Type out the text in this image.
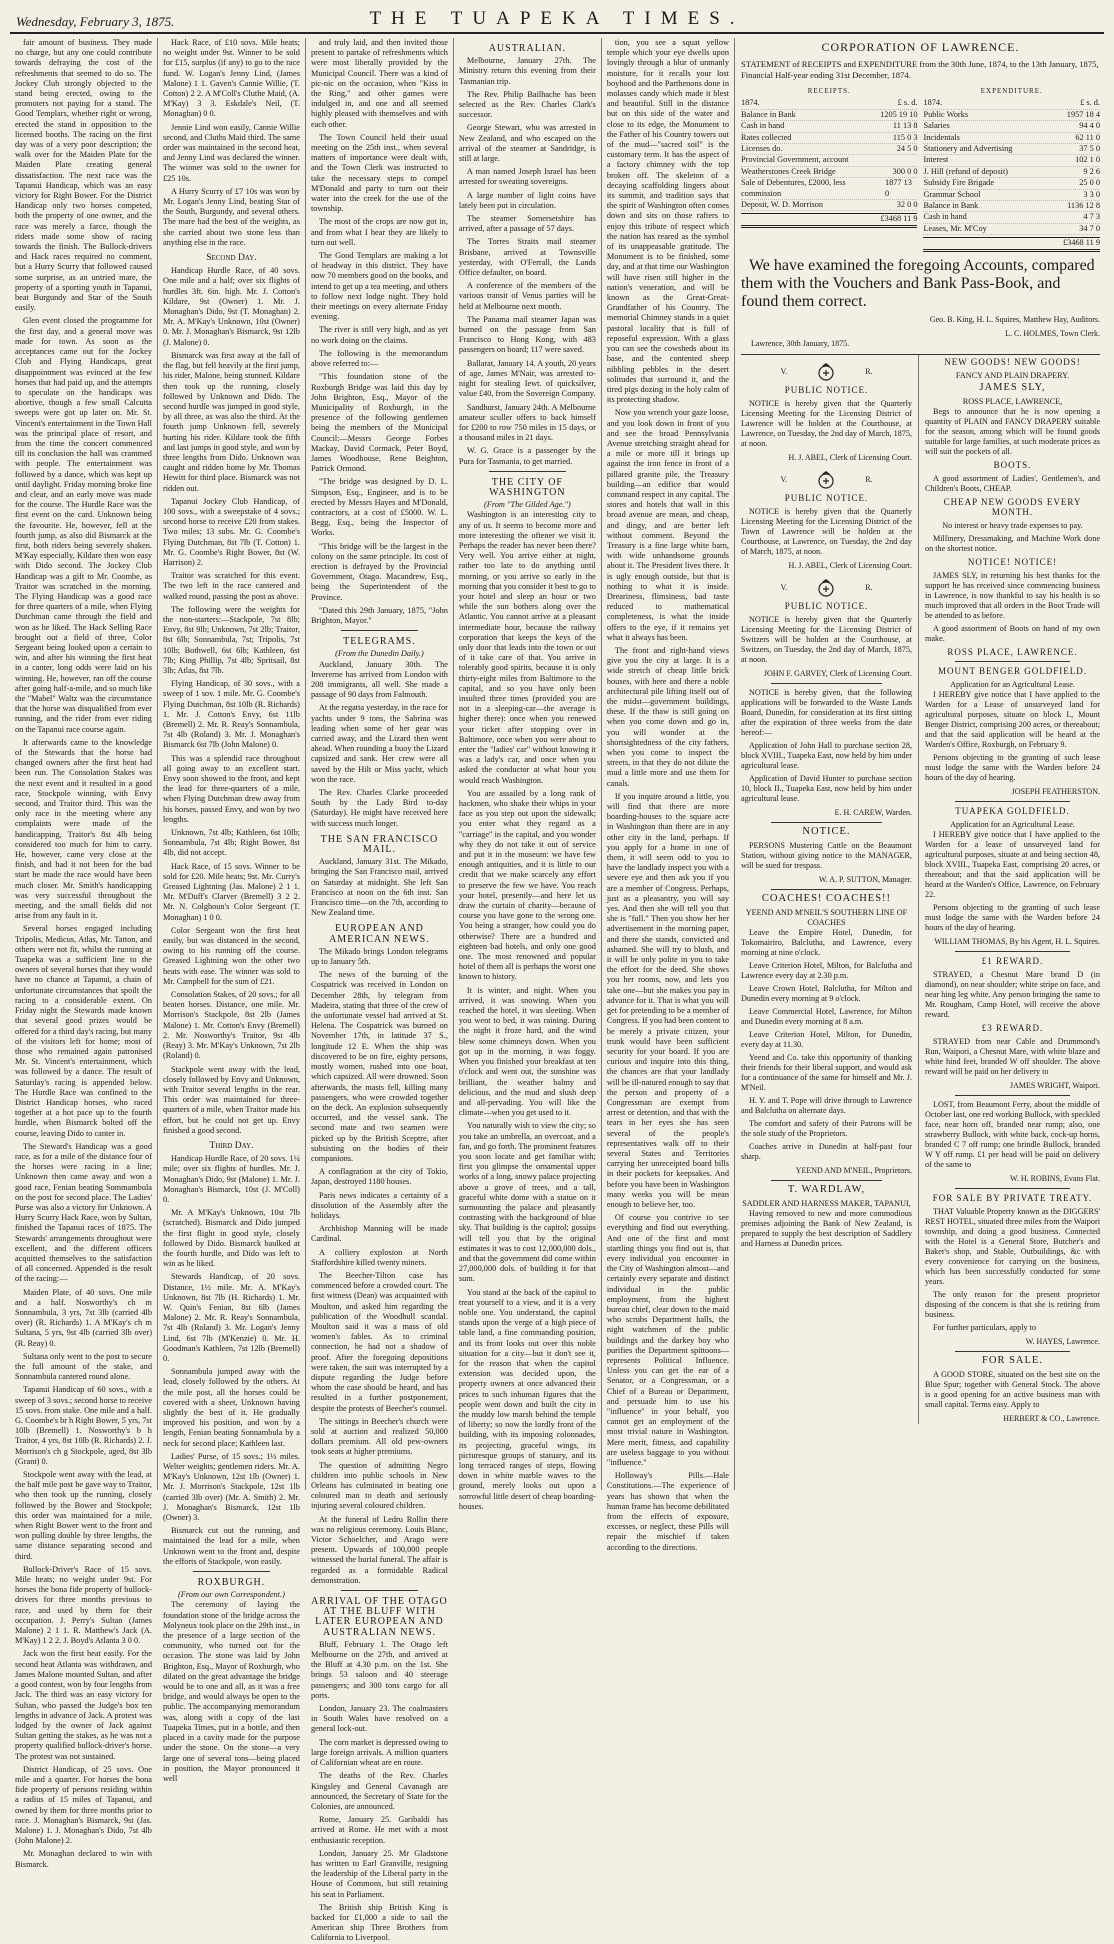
Wednesday, February 3, 1875.	THE TUAPEKA TIMES.

fair amount of business. They made no charge, but any one could contribute towards defraying the cost of the refreshments that seemed to do so. The Jockey Club strongly objected to the stand being erected, owing to the promoters not paying for a stand. The Good Templars, whether right or wrong, erected the stand in opposition to the licensed booths. The racing on the first day was of a very poor description; the walk over for the Maiden Plate for the Maiden Plate creating general dissatisfaction. The next race was the Tapanui Handicap, which was an easy victory for Right Bower. For the District Handicap only two horses competed, both the property of one owner, and the race was merely a farce, though the riders made some show of racing towards the finish. The Bullock-drivers and Hack races required no comment, but a Hurry Scurry that followed caused some surprise, as an untried mare, the property of a sporting youth in Tapanui, beat Burgundy and Star of the South easily.

Glen event closed the programme for the first day, and a general move was made for town. As soon as the acceptances came out for the Jockey Club and Flying Handicaps, great disappointment was evinced at the few horses that had paid up, and the attempts to speculate on the handicaps was abortive, though a few small Calcutta sweeps were got up later on. Mr. St. Vincent's entertainment in the Town Hall was the principal place of resort, and from the time the concert commenced till its conclusion the hall was crammed with people. The entertainment was followed by a dance, which was kept up until daylight. Friday morning broke fine and clear, and an early move was made for the course. The Hurdle Race was the first event on the card. Unknown being the favourite. He, however, fell at the fourth jump, as also did Bismarck at the first, both riders being severely shaken. M'Kay especially, Kildare then won easy with Dido second. The Jockey Club Handicap was a gift to Mr. Coombe, as Traitor was scratched in the morning. The Flying Handicap was a good race for three quarters of a mile, when Flying Dutchman came through the field and won as he liked. The Hack Selling Race brought out a field of three, Color Sergeant being looked upon a certain to win, and after his winning the first heat in a canter, long odds were laid on his winning. He, however, ran off the course after going half-a-mile, and so much like the "Mabel" Waltz was the circumstance that the horse was disqualified from ever running, and the rider from ever riding on the Tapanui race course again.

It afterwards came to the knowledge of the Stewards that the horse had changed owners after the first heat had been run. The Consolation Stakes was the next event and it resulted in a good race, Stockpole winning, with Envy second, and Traitor third. This was the only race in the meeting where any complaints were made of the handicapping, Traitor's 8st 4lb being considered too much for him to carry. He, however, came very close at the finish, and had it not been for the bad start he made the race would have been much closer. Mr. Smith's handicapping was very successful throughout the meeting, and the small fields did not arise from any fault in it.

Several horses engaged including Tripolis, Medicus, Atlas, Mr. Tatton, and others were not fit, whilst the running at Tuapeka was a sufficient line to the owners of several horses that they would have no chance at Tapanui, a chain of unfortunate circumstances that spoilt the racing to a considerable extent. On Friday night the Stewards made known that several good prizes would be offered for a third day's racing, but many of the visitors left for home; most of those who remained again patronised Mr. St. Vincent's entertainment, which was followed by a dance. The result of Saturday's racing is appended below. The Hurdle Race was confined to the District Handicap horses, who raced together at a hot pace up to the fourth hurdle, when Bismarck bolted off the course, leaving Dido to canter in.

The Steward's Handicap was a good race, as for a mile of the distance four of the horses were racing in a line; Unknown then came away and won a good race, Fenian beating Sommambula on the post for second place. The Ladies' Purse was also a victory for Unknown. A Hurry Scurry Hack Race, won by Sultan, finished the Tapanui races of 1875. The Stewards' arrangements throughout were excellent, and the different officers acquitted themselves to the satisfaction of all concerned. Appended is the result of the racing:—

Maiden Plate, of 40 sovs. One mile and a half. Nosworthy's ch m Sonnambula, 3 yrs, 7st 3lb (carried 4lb over) (R. Richards) 1. A M'Kay's ch m Sultana, 5 yrs, 9st 4lb (carried 3lb over) (R. Reay) 0.

Sultana only went to the post to secure the full amount of the stake, and Sonnambula cantered round alone.

Tapanui Handicap of 60 sovs., with a sweep of 3 sovs.; second horse to receive 15 sovs. from stake. One mile and a half. G. Coombe's br h Right Bower, 5 yrs, 7st 10lb (Bremell) 1. Nosworthy's b h Traitor, 4 yrs, 8st 10lb (R. Richards) 2. J. Morrison's ch g Stockpole, aged, 8st 3lb (Grant) 0.

Stockpole went away with the lead, at the half mile post he gave way to Traitor, who then took up the running, closely followed by the Bower and Stockpole; this order was maintained for a mile, when Right Bower went to the front and won pulling double by three lengths, the same distance separating second and third.

Bullock-Driver's Race of 15 sovs. Mile heats; no weight under 9st. For horses the bona fide property of bullock-drivers for three months previous to race, and used by them for their occupation. J. Perry's Sultan (James Malone) 2 1 1. R. Matthew's Jack (A. M'Kay) 1 2 2. J. Boyd's Atlanta 3 0 0.

Jack won the first heat easily. For the second heat Atlanta was withdrawn, and James Malone mounted Sultan, and after a good contest, won by four lengths from Jack. The third was an easy victory for Sultan, who passed the Judge's box ten lengths in advance of Jack. A protest was lodged by the owner of Jack against Sultan getting the stakes, as he was not a property qualified bullock-driver's horse. The protest was not sustained.

District Handicap, of 25 sovs. One mile and a quarter. For horses the bona fide property of persons residing within a radius of 15 miles of Tapanui, and owned by them for three months prior to race. J. Monaghan's Bismarck, 9st (Jas. Malone) 1. J. Monaghan's Dido, 7st 4lb (John Malone) 2.

Mr. Monaghan declared to win with Bismarck.

Hack Race, of £10 sovs. Mile heats; no weight under 9st. Winner to be sold for £15, surplus (if any) to go to the race fund. W. Logan's Jenny Lind, (James Malone) 1 1. Gaven's Cannie Willie, (T. Cotton) 2 2. A M'Coll's Cluthe Maid, (A. M'Kay) 3 3. Eskdale's Neil, (T. Monaghan) 0 0.

Jennie Lind won easily, Cannie Willie second, and Cluths Maid third. The same order was maintained in the second heat, and Jenny Lind was declared the winner. The winner was sold to the owner for £25 10s.

A Hurry Scurry of £7 10s was won by Mr. Logan's Jenny Lind, beating Star of the South, Burgundy, and several others. The mare had the best of the weights, as she carried about two stone less than anything else in the race.

Second Day.

Handicap Hurdle Race, of 40 sovs. One mile and a half; over six flights of hurdles 3ft. 6in. high. Mr. J. Cotton's Kildare, 9st (Owner) 1. Mr. J. Monaghan's Dido, 9st (T. Monaghan) 2. Mr. A. M'Kay's Unknown, 10st (Owner) 0. Mr. J. Monaghan's Bismarck, 9st 12lb (J. Malone) 0.

Bismarck was first away at the fall of the flag, but fell heavily at the first jump, his rider, Malone, being stunned. Kildare then took up the running, closely followed by Unknown and Dido. The second hurdle was jumped in good style, by all three, as was also the third. At the fourth jump Unknown fell, severely hurting his rider. Kildare took the fifth and last jumps in good style, and won by three lengths from Dido. Unknown was caught and ridden home by Mr. Thomas Hewitt for third place. Bismarck was not ridden out.

Tapanui Jockey Club Handicap, of 100 sovs., with a sweepstake of 4 sovs.; second horse to receive £20 from stakes. Two miles; 13 subs. Mr. G. Coombe's Flying Dutchman, 8st 7lb (T. Cotton) 1. Mr. G. Coombe's Right Bower, 8st (W. Harrison) 2.

Traitor was scratched for this event. The two left in the race cantered and walked round, passing the post as above.

The following were the weights for the non-starters:—Stackpole, 7st 8lb; Envy, 8st 9lb; Unknown, 7st 2lb; Traitor, 8st 6lb; Sonnambula, 7st; Tripolis, 7st 10lb; Bothwell, 6st 6lb; Kathleen, 6st 7lb; King Phillip, 7st 4lb; Spritsail, 8st 3lb; Atlas, 8st 7lb.

Flying Handicap, of 30 sovs., with a sweep of 1 sov. 1 mile. Mr. G. Coombe's Flying Dutchman, 8st 10lb (R. Richards) 1. Mr. J. Cotton's Envy, 6st 11lb (Bremell) 2. Mr. R. Reay's Sonnambula, 7st 4lb (Roland) 3. Mr. J. Monaghan's Bismarck 6st 7lb (John Malone) 0.

This was a splendid race throughout all going away to an excellent start. Envy soon showed to the front, and kept the lead for three-quarters of a mile, when Flying Dutchman drew away from his horses, passed Envy, and won by two lengths.

Unknown, 7st 4lb; Kathleen, 6st 10lb; Sonnambula, 7st 4lb; Right Bower, 8st 4lb, did not accept.

Hack Race, of 15 sovs. Winner to be sold for £20. Mile heats; 9st. Mr. Curry's Greased Lightning (Jas. Malone) 2 1 1. Mr. M'Duff's Clarver (Bremell) 3 2 2. Mr. N. Colghoun's Color Sergeant (T. Monaghan) 1 0 0.

Color Sergeant won the first heat easily, but was distanced in the second, owing to his running off the course. Greased Lightning won the other two heats with ease. The winner was sold to Mr. Campbell for the sum of £21.

Consolation Stakes, of 20 sovs.; for all beaten horses. Distance, one mile. Mr. Morrison's Stackpole, 8st 2lb (James Malone) 1. Mr. Cotton's Envy (Bremell) 2. Mr. Nosworthy's Traitor, 9st 4lb (Reay) 3. Mr. M'Kay's Unknown, 7st 2lb (Roland) 0.

Stackpole went away with the lead, closely followed by Envy and Unknown, with Traitor several lengths in the rear. This order was maintained for three-quarters of a mile, when Traitor made his effort, but he could not get up. Envy finished a good second.

Third Day.

Handicap Hurdle Race, of 20 sovs. 1¼ mile; over six flights of hurdles. Mr. J. Monaghan's Dido, 9st (Malone) 1. Mr. J. Monaghan's Bismarck, 10st (J. M'Coll) 0.

Mr. A M'Kay's Unknown, 10st 7lb (scratched). Bismarck and Dido jumped the first flight in good style, closely followed by Dido. Bismarck baulked at the fourth hurdle, and Dido was left to win as he liked.

Stewards Handicap, of 20 sovs. Distance, 1½ mile. Mr. A. M'Kay's Unknown, 8st 7lb (H. Richards) 1. Mr. W. Quin's Fenian, 8st 6lb (James Malone) 2. Mr. R. Reay's Sonnambula, 7st 4lb (Roland) 3. Mr. Logan's Jenny Lind, 6st 7lb (M'Kenzie) 0. Mr. H. Goodman's Kathleen, 7st 12lb (Bremell) 0.

Sonnambula jumped away with the lead, closely followed by the others. At the mile post, all the horses could be covered with a sheet, Unknown having slightly the best of it. He gradually improved his position, and won by a length, Fenian beating Sonnambula by a neck for second place; Kathleen last.

Ladies' Purse, of 15 sovs.; 1½ miles. Welter weights; gentlemen riders. Mr. A. M'Kay's Unknown, 12st 1lb (Owner) 1. Mr. J. Morrison's Stackpole, 12st 1lb (carried 3lb over) (Mr. A. Smith) 2. Mr. J. Monaghan's Bismarck, 12st 1lb (Owner) 3.

Bismarck cut out the running, and maintained the lead for a mile, when Unknown went to the front and, despite the efforts of Stackpole, won easily.

ROXBURGH.
(From our own Correspondent.)

The ceremony of laying the foundation stone of the bridge across the Molyneux took place on the 29th inst., in the presence of a large section of the community, who turned out for the occasion. The stone was laid by John Brighton, Esq., Mayor of Roxburgh, who dilated on the great advantage the bridge would be to one and all, as it was a free bridge, and would always be open to the public. The accompanying memorandum was, along with a copy of the last Tuapeka Times, put in a bottle, and then placed in a cavity made for the purpose under the stone. On the stone—a very large one of several tons—being placed in position, the Mayor pronounced it well

and truly laid, and then invited those present to partake of refreshments which were most liberally provided by the Municipal Council. There was a kind of pic-nic on the occasion, when "Kiss in the Ring," and other games were indulged in, and one and all seemed highly pleased with themselves and with each other.

The Town Council held their usual meeting on the 25th inst., when several matters of importance were dealt with, and the Town Clerk was instructed to take the necessary steps to compel M'Donald and party to turn out their water into the creek for the use of the township.

The most of the crops are now got in, and from what I hear they are likely to turn out well.

The Good Templars are making a lot of headway in this district. They have now 70 members good on the books, and intend to get up a tea meeting, and others to follow next lodge night. They hold their meetings on every alternate Friday evening.

The river is still very high, and as yet no work doing on the claims.

The following is the memorandum above referred to:—

"This foundation stone of the Roxburgh Bridge was laid this day by John Brighton, Esq., Mayor of the Municipality of Roxburgh, in the presence of the following gentlemen being the members of the Municipal Council:—Messrs George Forbes Mackay, David Cormack, Peter Boyd, James Woodhouse, Rene Beighton, Patrick Ormond.

"The bridge was designed by D. L. Simpson, Esq., Engineer, and is to be erected by Messrs Hayes and M'Donald, contractors, at a cost of £5000. W. L. Begg, Esq., being the Inspector of Works.

"This bridge will be the largest in the colony on the same principle. Its cost of erection is defrayed by the Provincial Government, Otago. Macandrew, Esq., being the Superintendent of the Province.

"Dated this 29th January, 1875, "John Brighton, Mayor."

TELEGRAMS.
(From the Dunedin Daily.)

Auckland, January 30th. The Invererne has arrived from London with 208 immigrants, all well. She made a passage of 90 days from Falmouth.

At the regatta yesterday, in the race for yachts under 9 tons, the Sabrina was leading when some of her gear was carried away, and the Lizard then went ahead. When rounding a buoy the Lizard capsized and sank. Her crew were all saved by the Hilt or Miss yacht, which won the race.

The Rev. Charles Clarke proceeded South by the Lady Bird to-day (Saturday). He might have received here with success much longer.

THE SAN FRANCISCO MAIL.

Auckland, January 31st. The Mikado, bringing the San Francisco mail, arrived on Saturday at midnight. She left San Francisco at noon on the 6th inst. San Francisco time—on the 7th, according to New Zealand time.

EUROPEAN AND AMERICAN NEWS.

The Mikado brings London telegrams up to January 5th.

The news of the burning of the Cospatrick was received in London on December 28th, by telegram from Madeira, stating that three of the crew of the unfortunate vessel had arrived at St. Helena. The Cospatrick was burned on November 17th, in latitude 37 S., longitude 12 E. When the ship was discovered to be on fire, eighty persons, mostly women, rushed into one boat, which capsized. All were drowned. Soon afterwards, the masts fell, killing many passengers, who were crowded together on the deck. An explosion subsequently occurred, and the vessel sank. The second mate and two seamen were picked up by the British Sceptre, after subsisting on the bodies of their companions.

A conflagration at the city of Tokio, Japan, destroyed 1180 houses.

Paris news indicates a certainty of a dissolution of the Assembly after the holidays.

Archbishop Manning will be made Cardinal.

A colliery explosion at North Staffordshire killed twenty miners.

The Beecher-Tilton case has commenced before a crowded court. The first witness (Dean) was acquainted with Moulton, and asked him regarding the publication of the Woodhull scandal. Moulton said it was a mass of old women's fables. As to criminal connection, he had not a shadow of proof. After the foregoing depositions were taken, the suit was interrupted by a dispute regarding the Judge before whom the case should be heard, and has resulted in a further postponement, despite the protests of Beecher's counsel.

The sittings in Beecher's church were sold at auction and realized 50,000 dollars premium. All old pew-owners took seats at higher premiums.

The question of admitting Negro children into public schools in New Orleans has culminated in beating one coloured man to death and seriously injuring several coloured children.

At the funeral of Ledru Rollin there was no religious ceremony. Louis Blanc, Victor Schoelcher, and Arago were present. Upwards of 100,000 people witnessed the burial funeral. The affair is regarded as a formidable Radical demonstration.

ARRIVAL OF THE OTAGO AT THE BLUFF WITH LATER EUROPEAN AND AUSTRALIAN NEWS.

Bluff, February 1. The Otago left Melbourne on the 27th, and arrived at the Bluff at 4.30 p.m. on the 1st. She brings 53 saloon and 40 steerage passengers; and 300 tons cargo for all ports.

London, January 23. The coalmasters in South Wales have resolved on a general lock-out.

The corn market is depressed owing to large foreign arrivals. A million quarters of Californian wheat are en route.

The deaths of the Rev. Charles Kingsley and General Cavanagh are announced, the Secretary of State for the Colonies, are announced.

Rome, January 25. Garibaldi has arrived at Rome. He met with a most enthusiastic reception.

London, January 25. Mr Gladstone has written to Earl Granville, resigning the leadership of the Liberal party in the House of Commons, but still retaining his seat in Parliament.

The British ship British King is backed for £1,000 a side to sail the American ship Three Brothers from California to Liverpool.

AUSTRALIAN.

Melbourne, January 27th. The Ministry return this evening from their Tasmanian trip.

The Rev. Philip Bailhache has been selected as the Rev. Charles Clark's successor.

George Stewart, who was arrested in New Zealand, and who escaped on the arrival of the steamer at Sandridge, is still at large.

A man named Joseph Israel has been arrested for sweating sovereigns.

A large number of light coins have lately been put in circulation.

The steamer Somersetshire has arrived, after a passage of 57 days.

The Torres Straits mail steamer Brisbane, arrived at Townsville yesterday, with O'Ferrall, the Lands Office defaulter, on board.

A conference of the members of the various transit of Venus parties will be held at Melbourne next month.

The Panama mail steamer Japan was burned on the passage from San Francisco to Hong Kong, with 483 passengers on board; 117 were saved.

Ballarat, January 14. A youth, 20 years of age, James M'Nair, was arrested to-night for stealing Iewt. of quicksilver, value £40, from the Sovereign Company.

Sandhurst, January 24th. A Melbourne amateur sculler offers to back himself for £200 to row 750 miles in 15 days, or a thousand miles in 21 days.

W. G. Grace is a passenger by the Pura for Tasmania, to get married.

THE CITY OF WASHINGTON
(From "The Gilded Age.")

Washington is an interesting city to any of us. It seems to become more and more interesting the oftener we visit it. Perhaps the reader has never been there? Very well. You arrive either at night, rather too late to do anything until morning, or you arrive so early in the morning that you consider it best to go to your hotel and sleep an hour or two while the sun bothers along over the Atlantic. You cannot arrive at a pleasant intermediate hour, because the railway corporation that keeps the keys of the only door that leads into the town or out of it take care of that. You arrive in tolerably good spirits, because it is only thirty-eight miles from Baltimore to the capital, and so you have only been insulted three times (provided you are not in a sleeping-car—the average is higher there): once when you renewed your ticket after stopping over in Baltimore, once when you were about to enter the "ladies' car" without knowing it was a lady's car, and once when you asked the conductor at what hour you would reach Washington.

You are assailed by a long rank of hackmen, who shake their whips in your face as you step out upon the sidewalk; you enter what they regard as a "carriage" in the capital, and you wonder why they do not take it out of service and put it in the museum: we have few enough antiquities, and it is little to our credit that we make scarcely any effort to preserve the few we have. You reach your hotel, presently—and here let us draw the curtain of charity—because of course you have gone to the wrong one. You being a stranger, how could you do otherwise? There are a hundred and eighteen bad hotels, and only one good one. The most renowned and popular hotel of them all is perhaps the worst one known to history.

It is winter, and night. When you arrived, it was snowing. When you reached the hotel, it was sleeting. When you went to bed, it was raining. During the night it froze hard, and the wind blew some chimneys down. When you got up in the morning, it was foggy. When you finished your breakfast at ten o'clock and went out, the sunshine was brilliant, the weather balmy and delicious, and the mud and slush deep and all-pervading. You will like the climate—when you get used to it.

You naturally wish to view the city; so you take an umbrella, an overcoat, and a fan, and go forth. The prominent features you soon locate and get familiar with; first you glimpse the ornamental upper works of a long, snowy palace projecting above a grove of trees, and a tall, graceful white dome with a statue on it surmounting the palace and pleasantly contrasting with the background of blue sky. That building is the capitol; gossips will tell you that by the original estimates it was to cost 12,000,000 dols., and that the government did come within 27,000,000 dols. of building it for that sum.

You stand at the back of the capitol to treat yourself to a view, and it is a very noble one. You understand, the capitol stands upon the verge of a high piece of table land, a fine commanding position, and its front looks out over this noble situation for a city—but it don't see it, for the reason that when the capitol extension was decided upon, the property owners at once advanced their prices to such inhuman figures that the people went down and built the city in the muddy low marsh behind the temple of liberty; so now the lordly front of the building, with its imposing colonnades, its projecting, graceful wings, its picturesque groups of statuary, and its long terraced ranges of steps, flowing down in white marble waves to the ground, merely looks out upon a sorrowful little desert of cheap boarding-houses.

tion, you see a squat yellow temple which your eye dwells upon lovingly through a blur of unmanly moisture, for it recalls your lost boyhood and the Parthenons done in molasses candy which made it blest and beautiful. Still in the distance but on this side of the water and close to its edge, the Monument to the Father of his Country towers out of the mud—"sacred soil" is the customary term. It has the aspect of a factory chimney with the top broken off. The skeleton of a decaying scaffolding lingers about its summit, and tradition says that the spirit of Washington often comes down and sits on those rafters to enjoy this tribute of respect which the nation has reared as the symbol of its unappeasable gratitude. The Monument is to be finished, some day, and at that time our Washington will have risen still higher in the nation's veneration, and will be known as the Great-Great-Grandfather of his Country. The memorial Chimney stands in a quiet pastoral locality that is full of reposeful expression. With a glass you can see the cowsheds about its base, and the contented sheep nibbling pebbles in the desert solitudes that surround it, and the tired pigs dozing in the holy calm of its protecting shadow.

Now you wrench your gaze loose, and you look down in front of you and see the broad Pennsylvania Avenue stretching straight ahead for a mile or more till it brings up against the iron fence in front of a pillared granite pile, the Treasury building—an edifice that would command respect in any capital. The stores and hotels that wall in this broad avenue are mean, and cheap, and dingy, and are better left without comment. Beyond the Treasury is a fine large white barn, with wide unhandsome grounds about it. The President lives there. It is ugly enough outside, but that is nothing to what it is inside. Dreariness, flimsiness, bad taste reduced to mathematical completeness, is what the inside offers to the eye, if it remains yet what it always has been.

The front and right-hand views give you the city at large. It is a wide stretch of cheap little brick houses, with here and there a noble architectural pile lifting itself out of the midst—government buildings, these. If the thaw is still going on when you come down and go in, you will wonder at the shortsightedness of the city fathers, when you come to inspect the streets, in that they do not dilute the mud a little more and use them for canals.

If you inquire around a little, you will find that there are more boarding-houses to the square acre in Washington than there are in any other city in the land, perhaps. If you apply for a home in one of them, it will seem odd to you to have the landlady inspect you with a severe eye and then ask you if you are a member of Congress. Perhaps, just as a pleasantry, you will say yes. And then she will tell you that she is "full." Then you show her her advertisement in the morning paper, and there she stands, convicted and ashamed. She will try to blush, and it will be only polite in you to take the effort for the deed. She shows you her rooms, now, and lets you take one—but she makes you pay in advance for it. That is what you will get for pretending to be a member of Congress. If you had been content to be merely a private citizen, your trunk would have been sufficient security for your board. If you are curious and inquire into this thing, the chances are that your landlady will be ill-natured enough to say that the person and property of a Congressman are exempt from arrest or detention, and that with the tears in her eyes she has seen several of the people's representatives walk off to their several States and Territories carrying her unreceipted board bills in their pockets for keepsakes. And before you have been in Washington many weeks you will be mean enough to believe her, too.

Of course you contrive to see everything and find out everything. And one of the first and most startling things you find out is, that every individual you encounter in the City of Washington almost—and certainly every separate and distinct individual in the public employment, from the highest bureau chief, clear down to the maid who scrubs Department halls, the night watchmen of the public buildings and the darkey boy who purifies the Department spittoons—represents Political Influence. Unless you can get the ear of a Senator, or a Congressman, or a Chief of a Bureau or Department, and persuade him to use his "influence" in your behalf, you cannot get an employment of the most trivial nature in Washington. Mere merit, fitness, and capability are useless baggage to you without "influence."

Holloway's Pills.—Hale Constitutions.—The experience of years has shown that when the human frame has become debilitated from the effects of exposure, excesses, or neglect, these Pills will repair the mischief if taken according to the directions.

CORPORATION OF LAWRENCE.
STATEMENT of RECEIPTS and EXPENDITURE from the 30th June, 1874, to the 13th January, 1875, Financial Half-year ending 31st December, 1874.
RECEIPTS.
1874.	£ s. d.
Balance in Bank	1205 19 10
Cash in hand	11 13 8
Rates collected	115 0 3
Licenses do.	24 5 0
Provincial Government, account
Weatherstones Creek Bridge	300 0 0
Sale of Debentures, £2000, less commission
1877 13 0
Deposit, W. D. Morrison	32 0 0
£3468 11 9
EXPENDITURE.
1874.	£ s. d.
Public Works	1957 18 4
Salaries	94 4 0
Incidentals	62 11 0
Stationery and Advertising	37 5 0
Interest	102 1 0
J. Hill (refund of deposit)	9 2 6
Subsidy Fire Brigade	25 0 0
Grammar School	3 3 0
Balance in Bank	1136 12 8
Cash in hand	4 7 3
Leases, Mr. M'Coy	34 7 0
£3468 11 9

We have examined the foregoing Accounts, compared them with the Vouchers and Bank Pass-Book, and found them correct.

Geo. B. King, H. L. Squires, Matthew Hay, Auditors.
L. C. HOLMES, Town Clerk.
Lawrence, 30th January, 1875.
V.	R.
PUBLIC NOTICE.

NOTICE is hereby given that the Quarterly Licensing Meeting for the Licensing District of Lawrence will be holden at the Courthouse, at Lawrence, on Tuesday, the 2nd day of March, 1875, at noon.

H. J. ABEL, Clerk of Licensing Court.
V.	R.
PUBLIC NOTICE.

NOTICE is hereby given that the Quarterly Licensing Meeting for the Licensing District of the Town of Lawrence will be holden at the Courthouse, at Lawrence, on Tuesday, the 2nd day of March, 1875, at noon.

H. J. ABEL, Clerk of Licensing Court.
V.	R.
PUBLIC NOTICE.

NOTICE is hereby given that the Quarterly Licensing Meeting for the Licensing District of Switzers will be holden at the Courthouse, at Switzers, on Tuesday, the 2nd day of March, 1875, at noon.

JOHN F. GARVEY, Clerk of Licensing Court.

NOTICE is hereby given, that the following applications will be forwarded to the Waste Lands Board, Dunedin, for consideration at its first sitting after the expiration of three weeks from the date hereof:—

Application of John Hall to purchase section 28, block XVIII., Tuapeka East, now held by him under agricultural lease.

Application of David Hunter to purchase section 10, block II., Tuapeka East, now held by him under agricultural lease.

E. H. CAREW, Warden.
NOTICE.

PERSONS Mustering Cattle on the Beaumont Station, without giving notice to the MANAGER, will be sued for trespass.

W. A. P. SUTTON, Manager.
COACHES! COACHES!!
YEEND AND M'NEIL'S SOUTHERN LINE OF COACHES

Leave the Empire Hotel, Dunedin, for Tokomairiro, Balclutha, and Lawrence, every morning at nine o'clock.

Leave Criterion Hotel, Milton, for Balclutha and Lawrence every day at 2.30 p.m.

Leave Crown Hotel, Balclutha, for Milton and Dunedin every morning at 9 o'clock.

Leave Commercial Hotel, Lawrence, for Milton and Dunedin every morning at 8 a.m.

Leave Criterion Hotel, Milton, for Dunedin, every day at 11.30.

Yeend and Co. take this opportunity of thanking their friends for their liberal support, and would ask for a continuance of the same for himself and Mr. J. M'Neil.

H. Y. and T. Pope will drive through to Lawrence and Balclutha on alternate days.

The comfort and safety of their Patrons will be the sole study of the Proprietors.

Coaches arrive in Dunedin at half-past four sharp.

YEEND AND M'NEIL, Proprietors.
T. WARDLAW,
SADDLER AND HARNESS MAKER, TAPANUI,

Having removed to new and more commodious premises adjoining the Bank of New Zealand, is prepared to supply the best description of Saddlery and Harness at Dunedin prices.

NEW GOODS! NEW GOODS!
FANCY AND PLAIN DRAPERY.
JAMES SLY,
ROSS PLACE, LAWRENCE,

Begs to announce that he is now opening a quantity of PLAIN and FANCY DRAPERY suitable for the season, among which will be found goods suitable for large families, at such moderate prices as will suit the pockets of all.

BOOTS.

A good assortment of Ladies', Gentlemen's, and Children's Boots, CHEAP.

CHEAP NEW GOODS EVERY MONTH.

No interest or heavy trade expenses to pay.

Millinery, Dressmaking, and Machine Work done on the shortest notice.

NOTICE! NOTICE!

JAMES SLY, in returning his best thanks for the support he has received since commencing business in Lawrence, is now thankful to say his health is so much improved that all orders in the Boot Trade will be attended to as before.

A good assortment of Boots on hand of my own make.

ROSS PLACE, LAWRENCE.
MOUNT BENGER GOLDFIELD.
Application for an Agricultural Lease.

I HEREBY give notice that I have applied to the Warden for a Lease of unsurveyed land for agricultural purposes, situate on block I., Mount Benger District, comprising 200 acres, or thereabout; and that the said application will be heard at the Warden's Office, Roxburgh, on February 9.

Persons objecting to the granting of such lease must lodge the same with the Warden before 24 hours of the day of hearing.

JOSEPH FEATHERSTON.
TUAPEKA GOLDFIELD.
Application for an Agricultural Lease.

I HEREBY give notice that I have applied to the Warden for a lease of unsurveyed land for agricultural purposes, situate at and being section 48, block XVIII., Tuapeka East, comprising 20 acres, or thereabout; and that the said application will be heard at the Warden's Office, Lawrence, on February 22.

Persons objecting to the granting of such lease must lodge the same with the Warden before 24 hours of the day of hearing.

WILLIAM THOMAS, By his Agent, H. L. Squires.
£1 REWARD.

STRAYED, a Chesnut Mare brand D (in diamond), on near shoulder; white stripe on face, and near hing leg white. Any person bringing the same to Mr. Rougham, Camp Hotel, will receive the above reward.

£3 REWARD.

STRAYED from near Cable and Drummond's Run, Waipori, a Chesnut Mare, with white blaze and white hind feet, branded W off shoulder. The above reward will be paid on her delivery to

JAMES WRIGHT, Waipori.

LOST, from Beaumont Ferry, about the middle of October last, one red working Bullock, with speckled face, near horn off, branded near rump; also, one strawberry Bullock, with white back, cock-up horns, branded C 7 off rump; one brindle Bullock, branded W Y off rump. £1 per head will be paid on delivery of the same to

W. H. ROBINS, Evans Flat.
FOR SALE BY PRIVATE TREATY.

THAT Valuable Property known as the DIGGERS' REST HOTEL, situated three miles from the Waipori township, and doing a good business. Connected with the Hotel is a General Store, Butcher's and Baker's shop, and Stable, Outbuildings, &c with every convenience for carrying on the business, which has been successfully conducted for some years.

The only reason for the present proprietor disposing of the concern is that she is retiring from business.

For further particulars, apply to

W. HAYES, Lawrence.
FOR SALE.

A GOOD STORE, situated on the best site on the Blue Spur; together with General Stock. The above is a good opening for an active business man with small capital. Terms easy. Apply to

HERBERT & CO., Lawrence.
